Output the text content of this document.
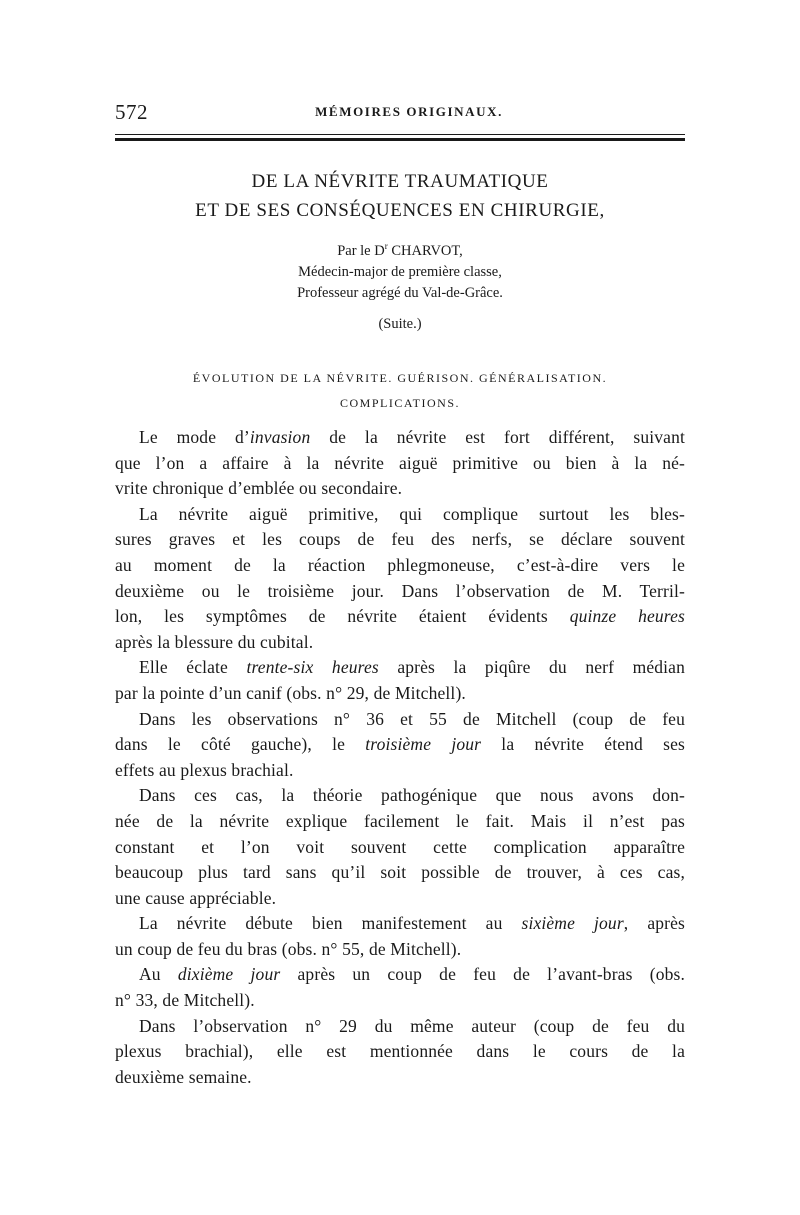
572	MÉMOIRES ORIGINAUX.
DE LA NÉVRITE TRAUMATIQUE
ET DE SES CONSÉQUENCES EN CHIRURGIE,
Par le $D^r$ CHARVOT,
Médecin-major de première classe,
Professeur agrégé du Val-de-Grâce.
(Suite.)
ÉVOLUTION DE LA NÉVRITE. GUÉRISON. GÉNÉRALISATION.
COMPLICATIONS.
Le mode d’invasion de la névrite est fort différent, suivant
que l’on a affaire à la névrite aiguë primitive ou bien à la né-
vrite chronique d’emblée ou secondaire.
La névrite aiguë primitive, qui complique surtout les bles-
sures graves et les coups de feu des nerfs, se déclare souvent
au moment de la réaction phlegmoneuse, c’est-à-dire vers le
deuxième ou le troisième jour. Dans l’observation de M. Terril-
lon, les symptômes de névrite étaient évidents quinze heures
après la blessure du cubital.
Elle éclate trente-six heures après la piqûre du nerf médian
par la pointe d’un canif (obs. n° 29, de Mitchell).
Dans les observations n° 36 et 55 de Mitchell (coup de feu
dans le côté gauche), le troisième jour la névrite étend ses
effets au plexus brachial.
Dans ces cas, la théorie pathogénique que nous avons don-
née de la névrite explique facilement le fait. Mais il n’est pas
constant et l’on voit souvent cette complication apparaître
beaucoup plus tard sans qu’il soit possible de trouver, à ces cas,
une cause appréciable.
La névrite débute bien manifestement au sixième jour, après
un coup de feu du bras (obs. n° 55, de Mitchell).
Au dixième jour après un coup de feu de l’avant-bras (obs.
n° 33, de Mitchell).
Dans l’observation n° 29 du même auteur (coup de feu du
plexus brachial), elle est mentionnée dans le cours de la
deuxième semaine.
